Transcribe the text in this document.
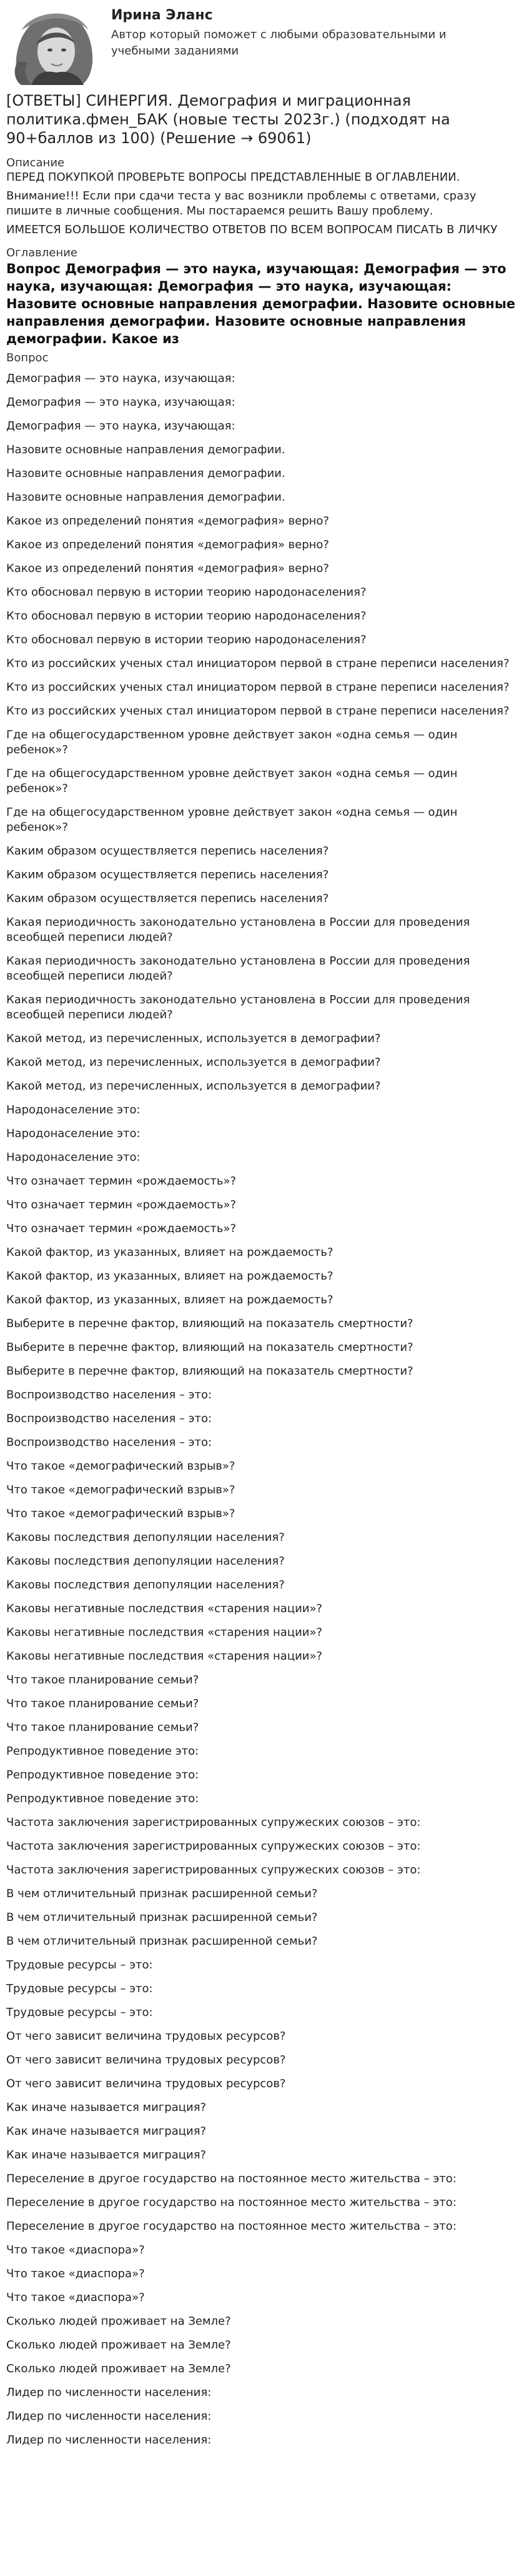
Ирина Эланс
Автор который поможет с любыми образовательными и учебными заданиями
[ОТВЕТЫ] СИНЕРГИЯ. Демография и миграционная политика.фмен_БАК (новые тесты 2023г.) (подходят на 90+баллов из 100) (Решение → 69061)
Описание
ПЕРЕД ПОКУПКОЙ ПРОВЕРЬТЕ ВОПРОСЫ ПРЕДСТАВЛЕННЫЕ В ОГЛАВЛЕНИИ.
Внимание!!! Если при сдачи теста у вас возникли проблемы с ответами, сразу пишите в личные сообщения. Мы постараемся решить Вашу проблему.
ИМЕЕТСЯ БОЛЬШОЕ КОЛИЧЕСТВО ОТВЕТОВ ПО ВСЕМ ВОПРОСАМ ПИСАТЬ В ЛИЧКУ
Оглавление
Вопрос Демография — это наука, изучающая: Демография — это наука, изучающая: Демография — это наука, изучающая: Назовите основные направления демографии. Назовите основные направления демографии. Назовите основные направления демографии. Какое из
Вопрос
Демография — это наука, изучающая:
Демография — это наука, изучающая:
Демография — это наука, изучающая:
Назовите основные направления демографии.
Назовите основные направления демографии.
Назовите основные направления демографии.
Какое из определений понятия «демография» верно?
Какое из определений понятия «демография» верно?
Какое из определений понятия «демография» верно?
Кто обосновал первую в истории теорию народонаселения?
Кто обосновал первую в истории теорию народонаселения?
Кто обосновал первую в истории теорию народонаселения?
Кто из российских ученых стал инициатором первой в стране переписи населения?
Кто из российских ученых стал инициатором первой в стране переписи населения?
Кто из российских ученых стал инициатором первой в стране переписи населения?
Где на общегосударственном уровне действует закон «одна семья — один ребенок»?
Где на общегосударственном уровне действует закон «одна семья — один ребенок»?
Где на общегосударственном уровне действует закон «одна семья — один ребенок»?
Каким образом осуществляется перепись населения?
Каким образом осуществляется перепись населения?
Каким образом осуществляется перепись населения?
Какая периодичность законодательно установлена в России для проведения всеобщей переписи людей?
Какая периодичность законодательно установлена в России для проведения всеобщей переписи людей?
Какая периодичность законодательно установлена в России для проведения всеобщей переписи людей?
Какой метод, из перечисленных, используется в демографии?
Какой метод, из перечисленных, используется в демографии?
Какой метод, из перечисленных, используется в демографии?
Народонаселение это:
Народонаселение это:
Народонаселение это:
Что означает термин «рождаемость»?
Что означает термин «рождаемость»?
Что означает термин «рождаемость»?
Какой фактор, из указанных, влияет на рождаемость?
Какой фактор, из указанных, влияет на рождаемость?
Какой фактор, из указанных, влияет на рождаемость?
Выберите в перечне фактор, влияющий на показатель смертности?
Выберите в перечне фактор, влияющий на показатель смертности?
Выберите в перечне фактор, влияющий на показатель смертности?
Воспроизводство населения – это:
Воспроизводство населения – это:
Воспроизводство населения – это:
Что такое «демографический взрыв»?
Что такое «демографический взрыв»?
Что такое «демографический взрыв»?
Каковы последствия депопуляции населения?
Каковы последствия депопуляции населения?
Каковы последствия депопуляции населения?
Каковы негативные последствия «старения нации»?
Каковы негативные последствия «старения нации»?
Каковы негативные последствия «старения нации»?
Что такое планирование семьи?
Что такое планирование семьи?
Что такое планирование семьи?
Репродуктивное поведение это:
Репродуктивное поведение это:
Репродуктивное поведение это:
Частота заключения зарегистрированных супружеских союзов – это:
Частота заключения зарегистрированных супружеских союзов – это:
Частота заключения зарегистрированных супружеских союзов – это:
В чем отличительный признак расширенной семьи?
В чем отличительный признак расширенной семьи?
В чем отличительный признак расширенной семьи?
Трудовые ресурсы – это:
Трудовые ресурсы – это:
Трудовые ресурсы – это:
От чего зависит величина трудовых ресурсов?
От чего зависит величина трудовых ресурсов?
От чего зависит величина трудовых ресурсов?
Как иначе называется миграция?
Как иначе называется миграция?
Как иначе называется миграция?
Переселение в другое государство на постоянное место жительства – это:
Переселение в другое государство на постоянное место жительства – это:
Переселение в другое государство на постоянное место жительства – это:
Что такое «диаспора»?
Что такое «диаспора»?
Что такое «диаспора»?
Сколько людей проживает на Земле?
Сколько людей проживает на Земле?
Сколько людей проживает на Земле?
Лидер по численности населения:
Лидер по численности населения:
Лидер по численности населения:
